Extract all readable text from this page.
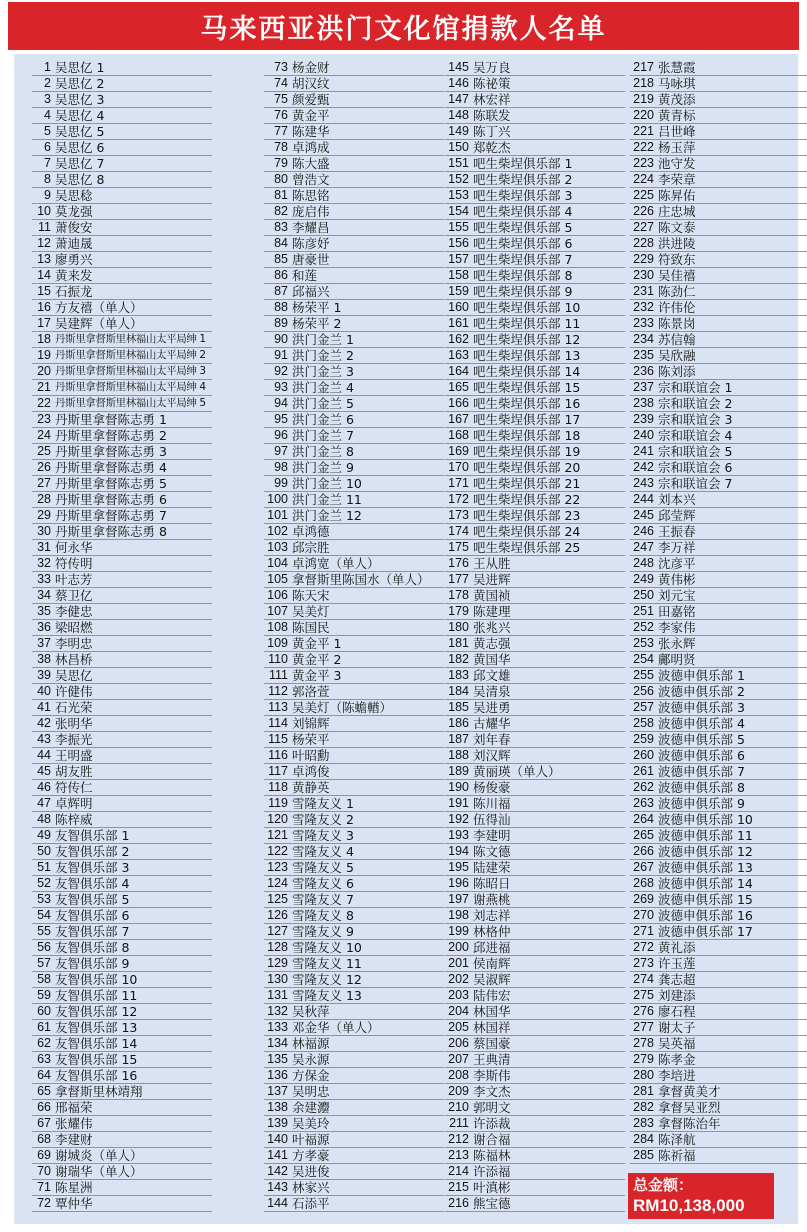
马来西亚洪门文化馆捐款人名单
1 吴思亿 1
2 吴思亿 2
3 吴思亿 3
4 吴思亿 4
5 吴思亿 5
6 吴思亿 6
7 吴思亿 7
8 吴思亿 8
9 吴思稔
10 莫龙强
11 萧俊安
12 萧迪晟
13 廖勇兴
14 黄来发
15 石振龙
16 方友禧（单人）
17 吴建辉（单人）
18 丹斯里拿督斯里林福山太平局绅 1
19 丹斯里拿督斯里林福山太平局绅 2
20 丹斯里拿督斯里林福山太平局绅 3
21 丹斯里拿督斯里林福山太平局绅 4
22 丹斯里拿督斯里林福山太平局绅 5
23 丹斯里拿督陈志勇 1
24 丹斯里拿督陈志勇 2
25 丹斯里拿督陈志勇 3
26 丹斯里拿督陈志勇 4
27 丹斯里拿督陈志勇 5
28 丹斯里拿督陈志勇 6
29 丹斯里拿督陈志勇 7
30 丹斯里拿督陈志勇 8
31 何永华
32 符传明
33 叶志芳
34 蔡卫亿
35 李健忠
36 梁昭燃
37 李明忠
38 林昌桥
39 吴思亿
40 许健伟
41 石光荣
42 张明华
43 李振光
44 王明盛
45 胡友胜
46 符传仁
47 卓辉明
48 陈梓威
49 友智俱乐部 1
50 友智俱乐部 2
51 友智俱乐部 3
52 友智俱乐部 4
53 友智俱乐部 5
54 友智俱乐部 6
55 友智俱乐部 7
56 友智俱乐部 8
57 友智俱乐部 9
58 友智俱乐部 10
59 友智俱乐部 11
60 友智俱乐部 12
61 友智俱乐部 13
62 友智俱乐部 14
63 友智俱乐部 15
64 友智俱乐部 16
65 拿督斯里林靖翔
66 邢福荣
67 张耀伟
68 李建财
69 谢城炎（单人）
70 谢瑞华（单人）
71 陈星洲
72 覃仲华
73 杨金财
74 胡汉纹
75 颜爱甄
76 黄金平
77 陈建华
78 卓鸿成
79 陈大盛
80 曾浩文
81 陈思铭
82 庞启伟
83 李耀昌
84 陈彦妤
85 唐豪世
86 和莲
87 邱福兴
88 杨荣平 1
89 杨荣平 2
90 洪门金兰 1
91 洪门金兰 2
92 洪门金兰 3
93 洪门金兰 4
94 洪门金兰 5
95 洪门金兰 6
96 洪门金兰 7
97 洪门金兰 8
98 洪门金兰 9
99 洪门金兰 10
100 洪门金兰 11
101 洪门金兰 12
102 卓鸿德
103 邱宗胜
104 卓鸿宽（单人）
105 拿督斯里陈国水（单人）
106 陈天宋
107 吴美灯
108 陈国民
109 黄金平 1
110 黄金平 2
111 黄金平 3
112 郭洛萱
113 吴美灯（陈蟾輶）
114 刘锦辉
115 杨荣平
116 叶昭勳
117 卓鸿俊
118 黄静英
119 雪隆友义 1
120 雪隆友义 2
121 雪隆友义 3
122 雪隆友义 4
123 雪隆友义 5
124 雪隆友义 6
125 雪隆友义 7
126 雪隆友义 8
127 雪隆友义 9
128 雪隆友义 10
129 雪隆友义 11
130 雪隆友义 12
131 雪隆友义 13
132 吴秋萍
133 邓金华（单人）
134 林福源
135 吴永源
136 方保金
137 吴明忠
138 余建灋
139 吴美玲
140 叶福源
141 方孝豪
142 吴进俊
143 林家兴
144 石添平
145 吴万良
146 陈祕策
147 林宏祥
148 陈联发
149 陈丁兴
150 郑乾杰
151 吧生柴埕俱乐部 1
152 吧生柴埕俱乐部 2
153 吧生柴埕俱乐部 3
154 吧生柴埕俱乐部 4
155 吧生柴埕俱乐部 5
156 吧生柴埕俱乐部 6
157 吧生柴埕俱乐部 7
158 吧生柴埕俱乐部 8
159 吧生柴埕俱乐部 9
160 吧生柴埕俱乐部 10
161 吧生柴埕俱乐部 11
162 吧生柴埕俱乐部 12
163 吧生柴埕俱乐部 13
164 吧生柴埕俱乐部 14
165 吧生柴埕俱乐部 15
166 吧生柴埕俱乐部 16
167 吧生柴埕俱乐部 17
168 吧生柴埕俱乐部 18
169 吧生柴埕俱乐部 19
170 吧生柴埕俱乐部 20
171 吧生柴埕俱乐部 21
172 吧生柴埕俱乐部 22
173 吧生柴埕俱乐部 23
174 吧生柴埕俱乐部 24
175 吧生柴埕俱乐部 25
176 王从胜
177 吴进辉
178 黄国祯
179 陈建理
180 张兆兴
181 黄志强
182 黄国华
183 邱文雄
184 吴清泉
185 吴进勇
186 古耀华
187 刘年春
188 刘汉辉
189 黄丽瑛（单人）
190 杨俊豪
191 陈川福
192 伍得汕
193 李建明
194 陈文德
195 陆建荣
196 陈昭日
197 谢燕桃
198 刘志祥
199 林格仲
200 邱进福
201 侯南辉
202 吴淑辉
203 陆伟宏
204 林国华
205 林国祥
206 蔡国豪
207 王典清
208 李斯伟
209 李文杰
210 郭明文
211 许添裁
212 谢合福
213 陈福林
214 许添福
215 叶滇彬
216 熊宝德
217 张慧霞
218 马咏琪
219 黄茂添
220 黄青标
221 吕世峰
222 杨玉萍
223 池守发
224 李荣章
225 陈昇佑
226 庄忠城
227 陈文泰
228 洪进陵
229 符致东
230 吴佳禧
231 陈劲仁
232 许伟伦
233 陈景岗
234 苏信翰
235 吴欣融
236 陈刘添
237 宗和联谊会 1
238 宗和联谊会 2
239 宗和联谊会 3
240 宗和联谊会 4
241 宗和联谊会 5
242 宗和联谊会 6
243 宗和联谊会 7
244 刘本兴
245 邱莹辉
246 王振春
247 李万祥
248 沈彦平
249 黄伟彬
250 刘元宝
251 田嘉铭
252 李家伟
253 张永辉
254 鄺明贤
255 波德申俱乐部 1
256 波德申俱乐部 2
257 波德申俱乐部 3
258 波德申俱乐部 4
259 波德申俱乐部 5
260 波德申俱乐部 6
261 波德申俱乐部 7
262 波德申俱乐部 8
263 波德申俱乐部 9
264 波德申俱乐部 10
265 波德申俱乐部 11
266 波德申俱乐部 12
267 波德申俱乐部 13
268 波德申俱乐部 14
269 波德申俱乐部 15
270 波德申俱乐部 16
271 波德申俱乐部 17
272 黄礼添
273 许玉莲
274 龚志超
275 刘建添
276 廖石程
277 谢太子
278 吴英福
279 陈孝金
280 李培进
281 拿督黄美才
282 拿督吴亚烈
283 拿督陈治年
284 陈泽航
285 陈祈福
总金额：
RM10,138,000
